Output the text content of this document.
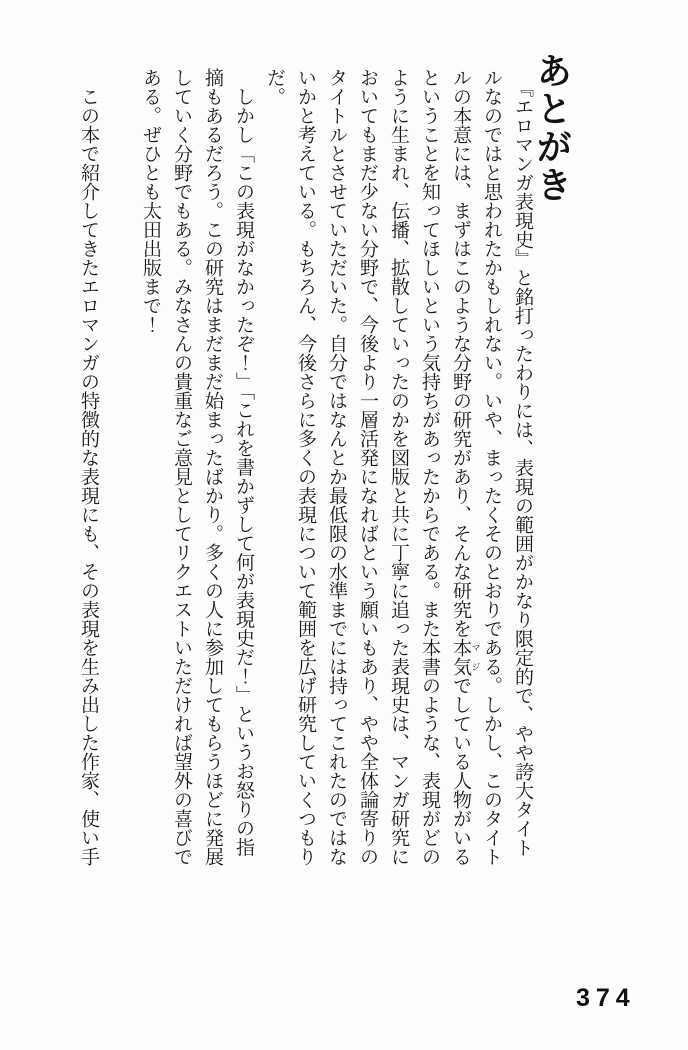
あとがき

『エロマンガ表現史』と銘打ったわりには、表現の範囲がかなり限定的で、やや誇大タイトルなのではと思われたかもしれない。いや、まったくそのとおりである。しかし、このタイトルの本意には、まずはこのような分野の研究があり、そんな研究を本気 マジでしている人物がいるということを知ってほしいという気持ちがあったからである。また本書のような、表現がどのように生まれ、伝播、拡散していったのかを図版と共に丁寧に追った表現史は、マンガ研究においてもまだ少ない分野で、今後より一層活発になればという願いもあり、やや全体論寄りのタイトルとさせていただいた。自分ではなんとか最低限の水準までには持ってこれたのではないかと考えている。もちろん、今後さらに多くの表現について範囲を広げ研究していくつもりだ。

しかし「この表現がなかったぞ！」「これを書かずして何が表現史だ！」というお怒りの指摘もあるだろう。この研究はまだまだ始まったばかり。多くの人に参加してもらうほどに発展していく分野でもある。みなさんの貴重なご意見としてリクエストいただければ望外の喜びである。ぜひとも太田出版まで！

この本で紹介してきたエロマンガの特徴的な表現にも、その表現を生み出した作家、使い手

374
